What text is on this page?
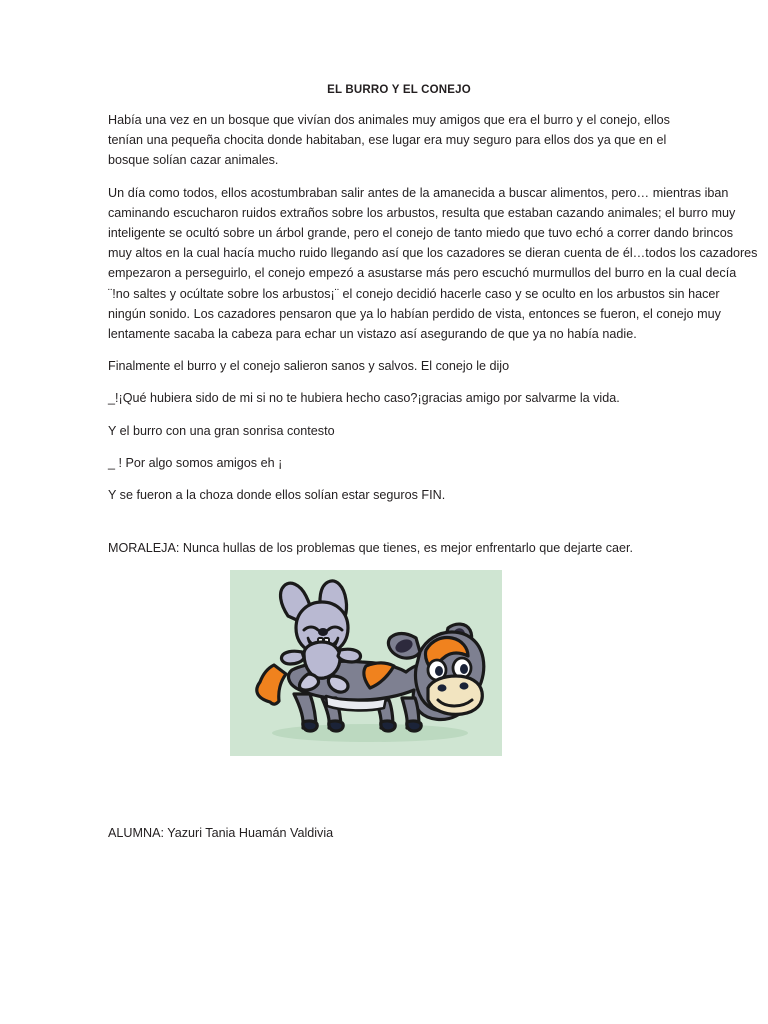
EL BURRO Y EL CONEJO

Había una vez en un bosque que vivían dos animales muy amigos que era el burro y el conejo, ellos tenían una pequeña chocita donde habitaban, ese lugar era muy seguro para ellos dos ya que en el bosque solían cazar animales.

Un día como todos, ellos acostumbraban salir antes de la amanecida a buscar alimentos, pero… mientras iban caminando escucharon ruidos extraños sobre los arbustos, resulta que estaban cazando animales; el burro muy inteligente se ocultó sobre un árbol grande, pero el conejo de tanto miedo que tuvo echó a correr dando brincos muy altos en la cual hacía mucho ruido llegando así que los cazadores se dieran cuenta de él…todos los cazadores empezaron a perseguirlo, el conejo empezó a asustarse más pero escuchó murmullos del burro en la cual decía ¨!no saltes y ocúltate sobre los arbustos¡¨ el conejo decidió hacerle caso y se oculto en los arbustos sin hacer ningún sonido. Los cazadores pensaron que ya lo habían perdido de vista, entonces se fueron, el conejo muy lentamente sacaba la cabeza para echar un vistazo así asegurando de que ya no había nadie.

Finalmente el burro y el conejo salieron sanos y salvos. El conejo le dijo

_!¡Qué hubiera sido de mi si no te hubiera hecho caso?¡gracias amigo por salvarme la vida.

Y el burro con una gran sonrisa contesto

_ ! Por algo somos amigos eh ¡

Y se fueron a la choza donde ellos solían estar seguros FIN.

MORALEJA: Nunca hullas de los problemas que tienes, es mejor enfrentarlo que dejarte caer.

ALUMNA: Yazuri Tania Huamán Valdivia
